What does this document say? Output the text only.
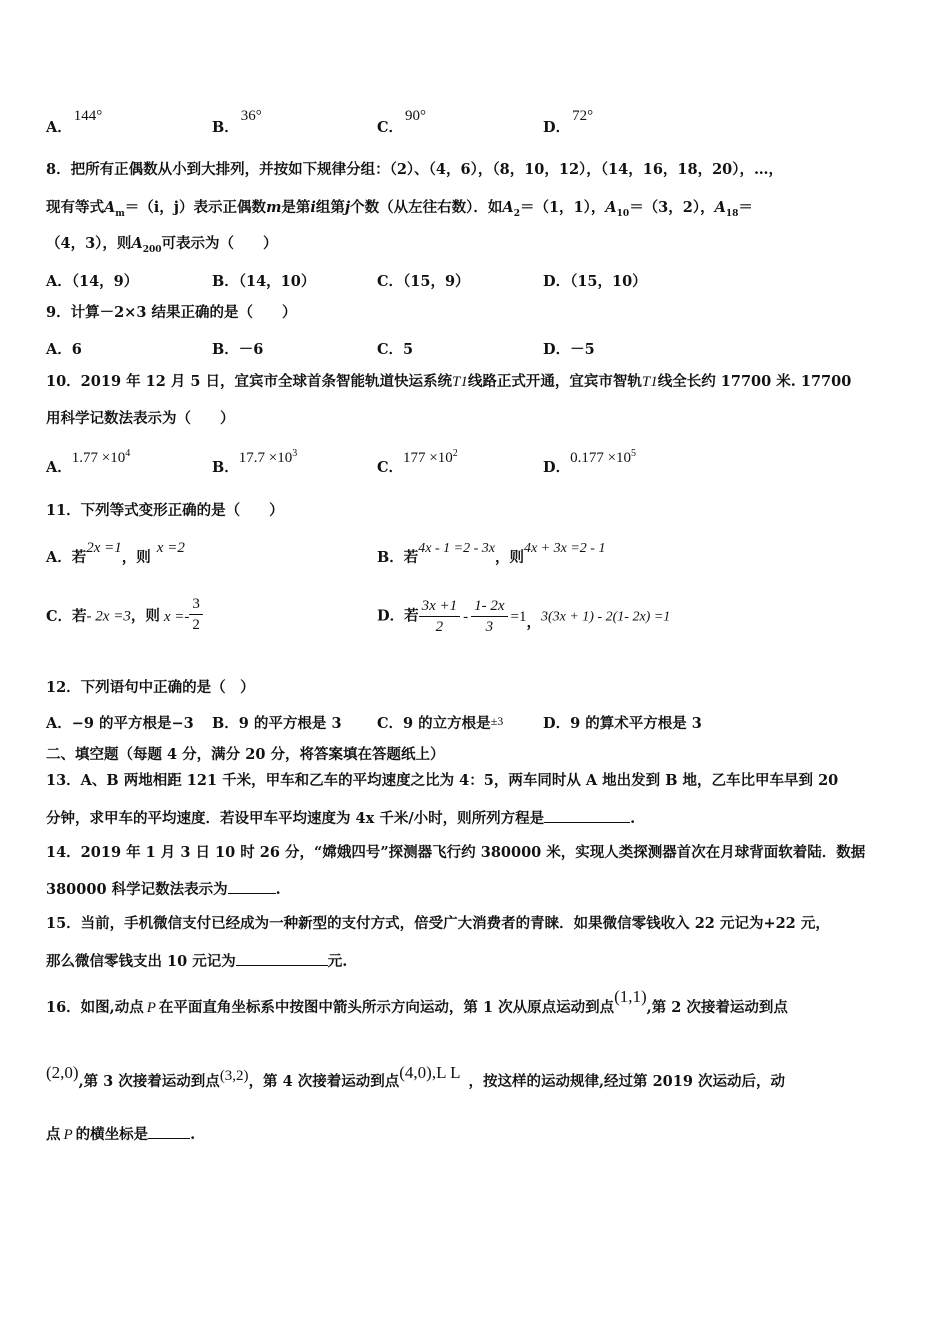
A．144°
B．36°
C．90°
D．72°
8．把所有正偶数从小到大排列，并按如下规律分组：（2）、（4，6），（8，10，12），（14，16，18，20），…，
现有等式$A_m=(i$，j）表示正偶数m是第i组第j个数（从左往右数）．如$A_2=(1$，1），$A_{10}=(3$，2），$A_{18}=$
（4，3），则$A_{200}$可表示为（　　）
A．（14，9）	B．（14，10）	C．（15，9）	D．（15，10）
9．计算－2×3 结果正确的是（　　）
A．6	B．－6	C．5	D．－5
10．2019 年 12 月 5 日，宜宾市全球首条智能轨道快运系统T1线路正式开通，宜宾市智轨T1线全长约 17700 米. 17700
用科学记数法表示为（　　）
A．$1.77 \times 10^4$
B．$17.7 \times 10^3$
C．$177 \times 10^2$
D．$0.177 \times 10^5$
11．下列等式变形正确的是（　　）
A．若2x =1，则x =2
B．若4x - 1 =2 - 3x，则4x + 3x =2 - 1
C．若- 2x =3，则 $x =- \frac{3}{2}$	D．若 $\frac{3x +1}{2} - \frac{1- 2x}{3} =1$，3(3x + 1) - 2(1- 2x) =1
12．下列语句中正确的是（　）
A．−9 的平方根是−3 B．9 的平方根是 3 C．9 的立方根是$^{\pm 3}$	D．9 的算术平方根是 3
二、填空题（每题 4 分，满分 20 分，将答案填在答题纸上）
13．A、B 两地相距 121 千米，甲车和乙车的平均速度之比为 4：5，两车同时从 A 地出发到 B 地，乙车比甲车早到 20
分钟，求甲车的平均速度．若设甲车平均速度为 4x 千米/小时，则所列方程是	.
14．2019 年 1 月 3 日 10 时 26 分，“嫦娥四号”探测器飞行约 380000 米，实现人类探测器首次在月球背面软着陆．数据
380000 科学记数法表示为	.
15．当前，手机微信支付已经成为一种新型的支付方式，倍受广大消费者的青睐．如果微信零钱收入 22 元记为+22 元，
那么微信零钱支出 10 元记为	元.
16．如图,动点 P 在平面直角坐标系中按图中箭头所示方向运动，第 1 次从原点运动到点(1,1),第 2 次接着运动到点
(2,0),第 3 次接着运动到点(3,2)，第 4 次接着运动到点(4,0),L L ，按这样的运动规律,经过第 2019 次运动后，动
点 P 的横坐标是	.
